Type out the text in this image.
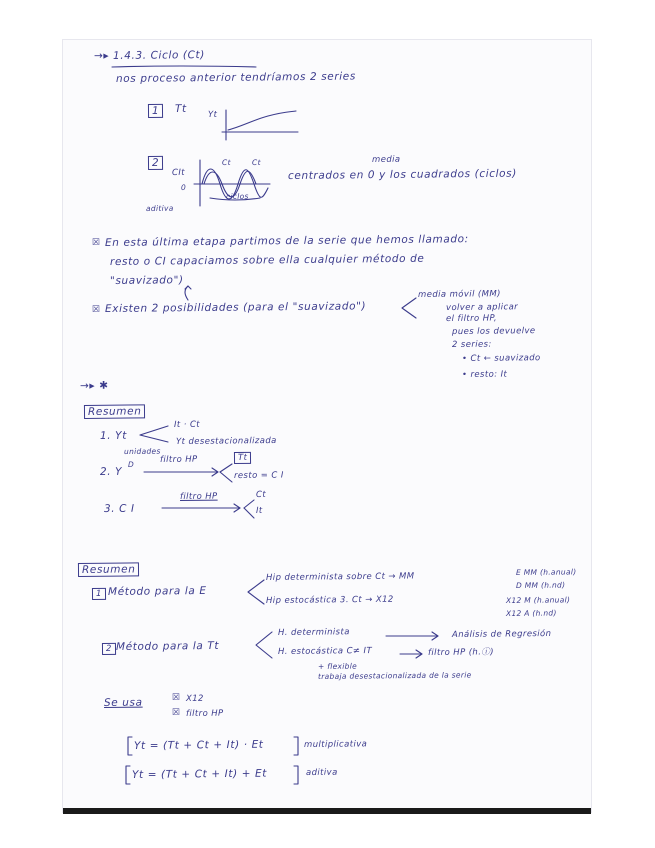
→▸ 1.4.3. Ciclo (Ct)
nos proceso anterior tendríamos 2 series
1	Tt Yt
2
CIt
Ct	Ct
0
ciclos
media
centrados en 0 y los cuadrados (ciclos)
aditiva
☒ En esta última etapa partimos de la serie que hemos llamado:
resto o CI capaciamos sobre ella cualquier método de
"suavizado")
☒ Existen 2 posibilidades (para el "suavizado")
media móvil (MM)
volver a aplicar
el filtro HP,
pues los devuelve
2 series:
• Ct ← suavizado
• resto: It
→▸ ✱
Resumen
1. Yt
It · Ct
Yt desestacionalizada
unidades
2. Y
D	filtro HP	Tt
resto = C I
3. C I
filtro HP	Ct
It
Resumen
1 Método para la E
Hip determinista sobre Ct → MM	E MM (h.anual)
D MM (h.nd)
Hip estocástica 3. Ct → X12	X12 M (h.anual)
X12 A (h.nd)
2 Método para la Tt
H. determinista	Análisis de Regresión
H. estocástica C≠ IT	filtro HP (h.ⓘ)
+ flexible
trabaja desestacionalizada de la serie
Se usa	☒ X12
☒ filtro HP
Yt = (Tt + Ct + It) · Et	multiplicativa
Yt = (Tt + Ct + It) + Et	aditiva
